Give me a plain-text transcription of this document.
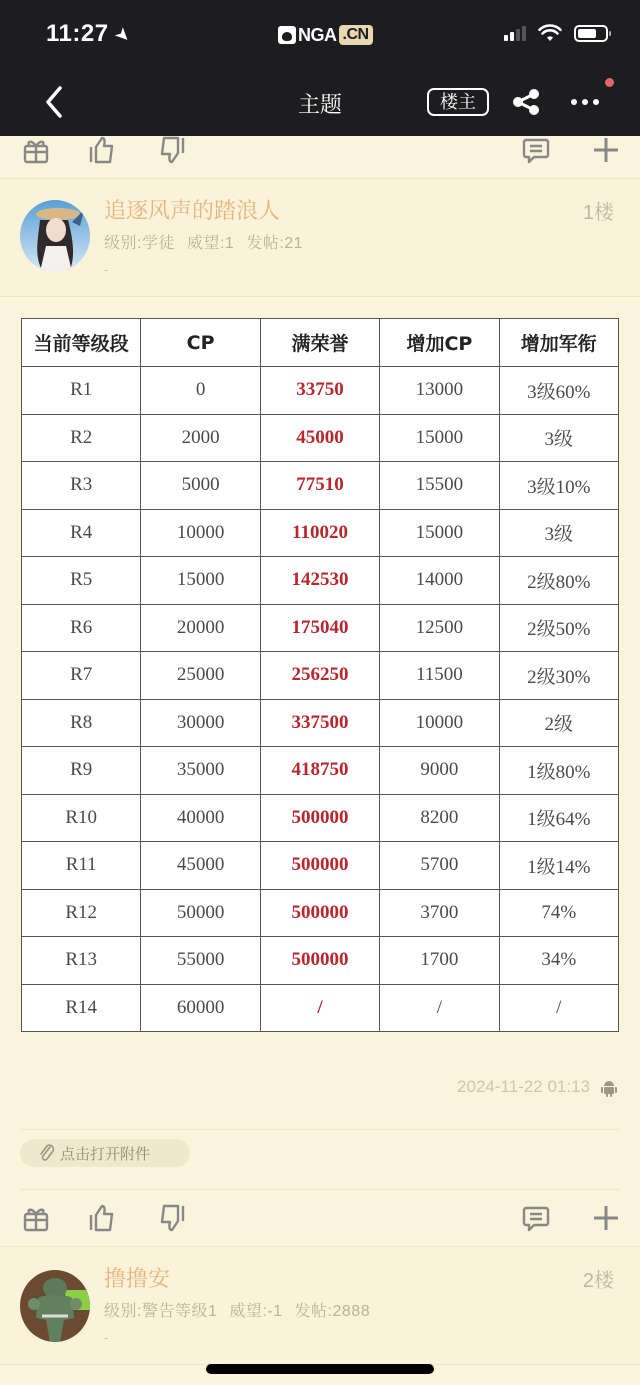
11:27➤	NGA .CN
主题	楼主
追逐风声的踏浪人
级别:学徒 威望:1 发帖:21
-
1楼
当前等级段	CP	满荣誉	增加CP	增加军衔
R1	0	33750	13000	3级60%
R2	2000	45000	15000	3级
R3	5000	77510	15500	3级10%
R4	10000	110020	15000	3级
R5	15000	142530	14000	2级80%
R6	20000	175040	12500	2级50%
R7	25000	256250	11500	2级30%
R8	30000	337500	10000	2级
R9	35000	418750	9000	1级80%
R10	40000	500000	8200	1级64%
R11	45000	500000	5700	1级14%
R12	50000	500000	3700	74%
R13	55000	500000	1700	34%
R14	60000	/	/	/
2024-11-22 01:13
点击打开附件
撸撸安
级别:警告等级1 威望:-1 发帖:2888
-
2楼
